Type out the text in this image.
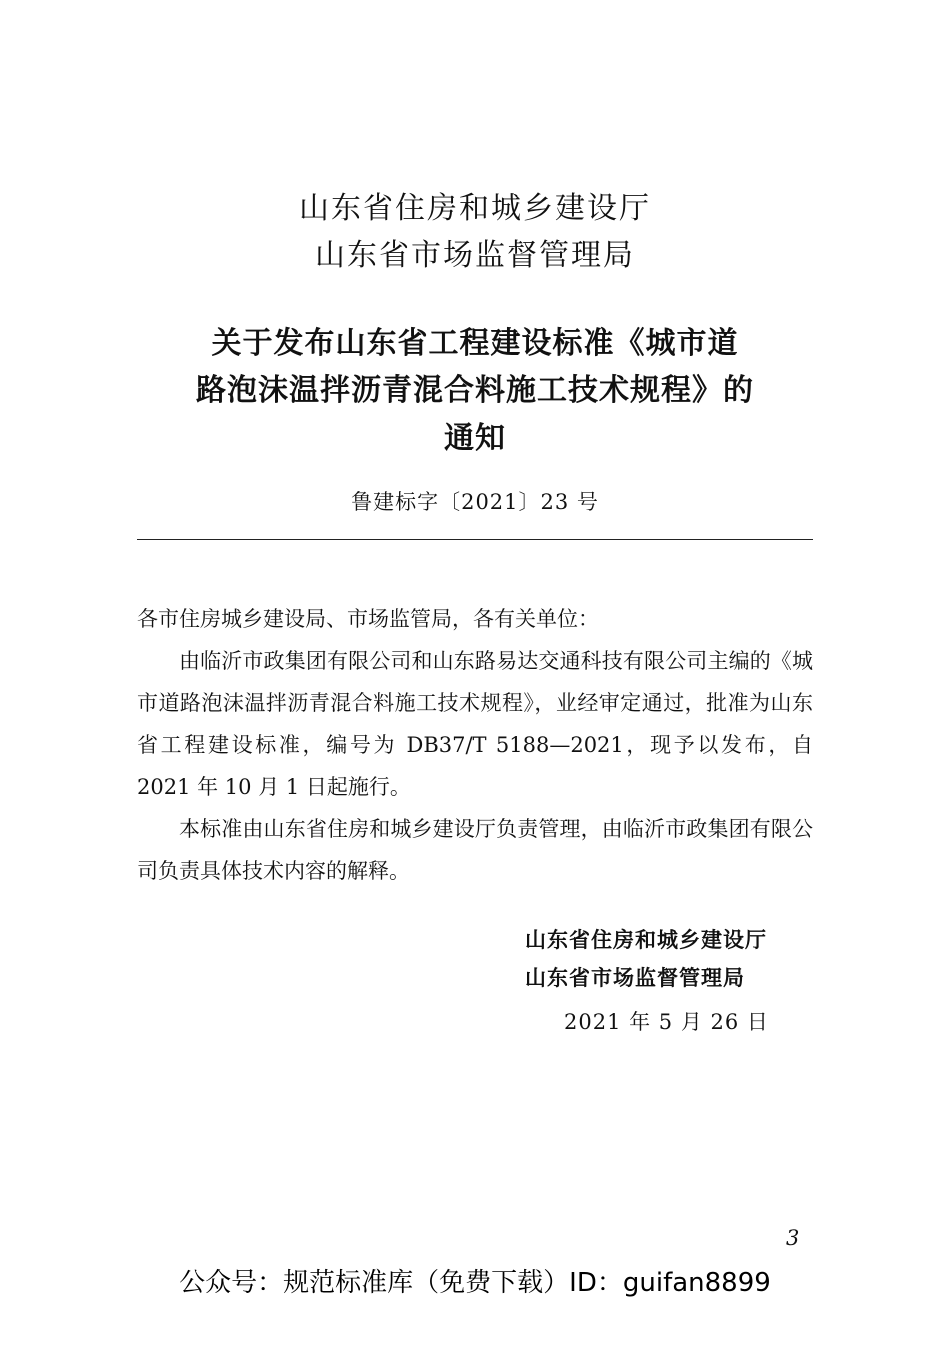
山东省住房和城乡建设厅
山东省市场监督管理局
关于发布山东省工程建设标准《城市道
路泡沫温拌沥青混合料施工技术规程》的
通知
鲁建标字〔2021〕23 号

各市住房城乡建设局、市场监管局，各有关单位：

由临沂市政集团有限公司和山东路易达交通科技有限公司主编的《城市道路泡沫温拌沥青混合料施工技术规程》，业经审定通过，批准为山东省工程建设标准，编号为 DB37/T 5188—2021，现予以发布，自 2021 年 10 月 1 日起施行。

本标准由山东省住房和城乡建设厅负责管理，由临沂市政集团有限公司负责具体技术内容的解释。

山东省住房和城乡建设厅
山东省市场监督管理局
2021 年 5 月 26 日
3
公众号：规范标准库（免费下载）ID：guifan8899
